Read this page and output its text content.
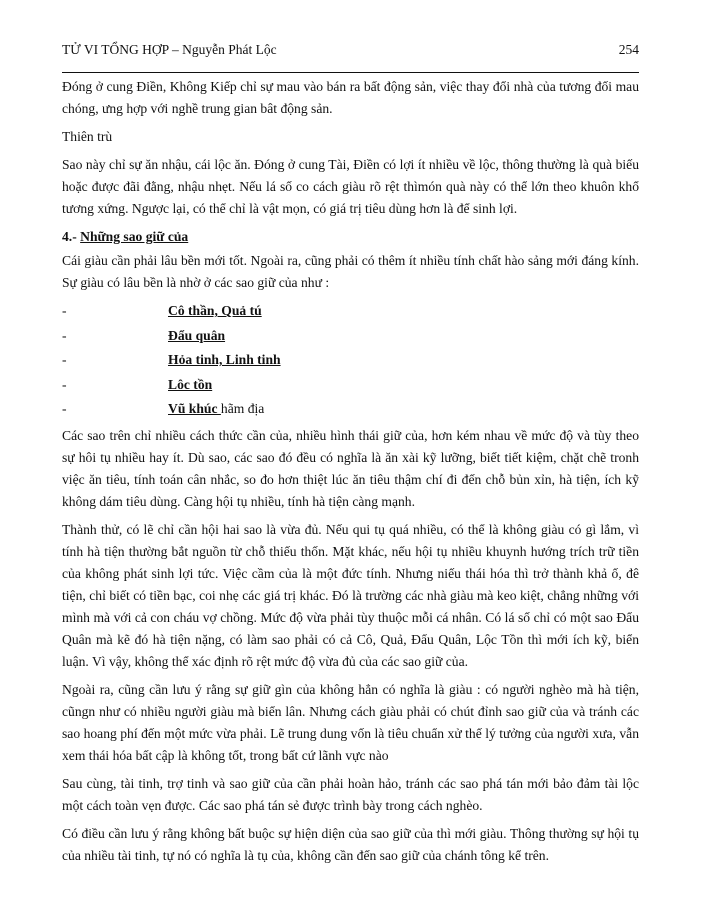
TỬ VI TỔNG HỢP – Nguyễn Phát Lộc	254

Đóng ở cung Điền, Không Kiếp chỉ sự mau vào bán ra bất động sản, việc thay đổi nhà của tương đối mau chóng, ưng hợp với nghề trung gian bât động sản.

Thiên trù

Sao này chỉ sự ăn nhậu, cái lộc ăn. Đóng ở cung Tài, Điền có lợi ít nhiều về lộc, thông thường là quà biếu hoặc được đãi đằng, nhậu nhẹt. Nếu lá số co cách giàu rõ rệt thìmón quà này có thể lớn theo khuôn khổ tương xứng. Ngược lại, có thể chỉ là vật mọn, có giá trị tiêu dùng hơn là để sinh lợi.

4.- Những sao giữ của

Cái giàu cần phải lâu bền mới tốt. Ngoài ra, cũng phải có thêm ít nhiều tính chất hào sảng mới đáng kính. Sự giàu có lâu bền là nhờ ở các sao giữ của như :

-	Cô thần, Quả tú
-	Đẩu quân
-	Hỏa tinh, Linh tinh
-	Lôc tồn
-	Vũ khúc hãm địa

Các sao trên chỉ nhiều cách thức cần của, nhiều hình thái giữ của, hơn kém nhau về mức độ và tùy theo sự hôi tụ nhiều hay ít. Dù sao, các sao đó đều có nghĩa là ăn xài kỹ lưỡng, biết tiết kiệm, chặt chẽ tronh việc ăn tiêu, tính toán cân nhắc, so đo hơn thiệt lúc ăn tiêu thậm chí đi đến chỗ bủn xỉn, hà tiện, ích kỹ không dám tiêu dùng. Càng hội tụ nhiều, tính hà tiện càng mạnh.

Thành thử, có lẽ chỉ cần hội hai sao là vừa đủ. Nếu qui tụ quá nhiều, có thể là không giàu có gì lắm, vì tính hà tiện thường bắt nguồn từ chỗ thiếu thốn. Mặt khác, nếu hội tụ nhiều khuynh hướng trích trữ tiền của không phát sinh lợi tức. Việc cầm của là một đức tính. Nhưng niếu thái hóa thì trở thành khả ố, đê tiện, chỉ biết có tiền bạc, coi nhẹ các giá trị khác. Đó là trường các nhà giàu mà keo kiệt, chẳng những với mình mà với cả con cháu vợ chồng. Mức độ vừa phải tùy thuộc mỗi cá nhân. Có lá số chỉ có một sao Đẩu Quân mà kẽ đó hà tiện nặng, có làm sao phải có cả Cô, Quả, Đẩu Quân, Lộc Tồn thì mới ích kỹ, biển luận. Vì vậy, không thể xác định rõ rệt mức độ vừa đủ của các sao giữ của.

Ngoài ra, cũng cần lưu ý rằng sự giữ gìn của không hẳn có nghĩa là giàu : có người nghèo mà hà tiện, cũngn như có nhiều người giàu mà biển lân. Nhưng cách giàu phải có chút đỉnh sao giữ của và tránh các sao hoang phí đến một mức vừa phải. Lẽ trung dung vốn là tiêu chuẩn xử thế lý tưởng của người xưa, vẫn xem thái hóa bất cập là không tốt, trong bất cứ lãnh vực nào

Sau cùng, tài tinh, trợ tinh và sao giữ của cần phải hoàn hảo, tránh các sao phá tán mới bảo đảm tài lộc một cách toàn vẹn được. Các sao phá tán sẻ được trình bày trong cách nghèo.

Có điều cần lưu ý rằng không bất buộc sự hiện diện của sao giữ của thì mới giàu. Thông thường sự hội tụ của nhiều tài tinh, tự nó có nghĩa là tụ của, không cần đến sao giữ của chánh tông kể trên.
